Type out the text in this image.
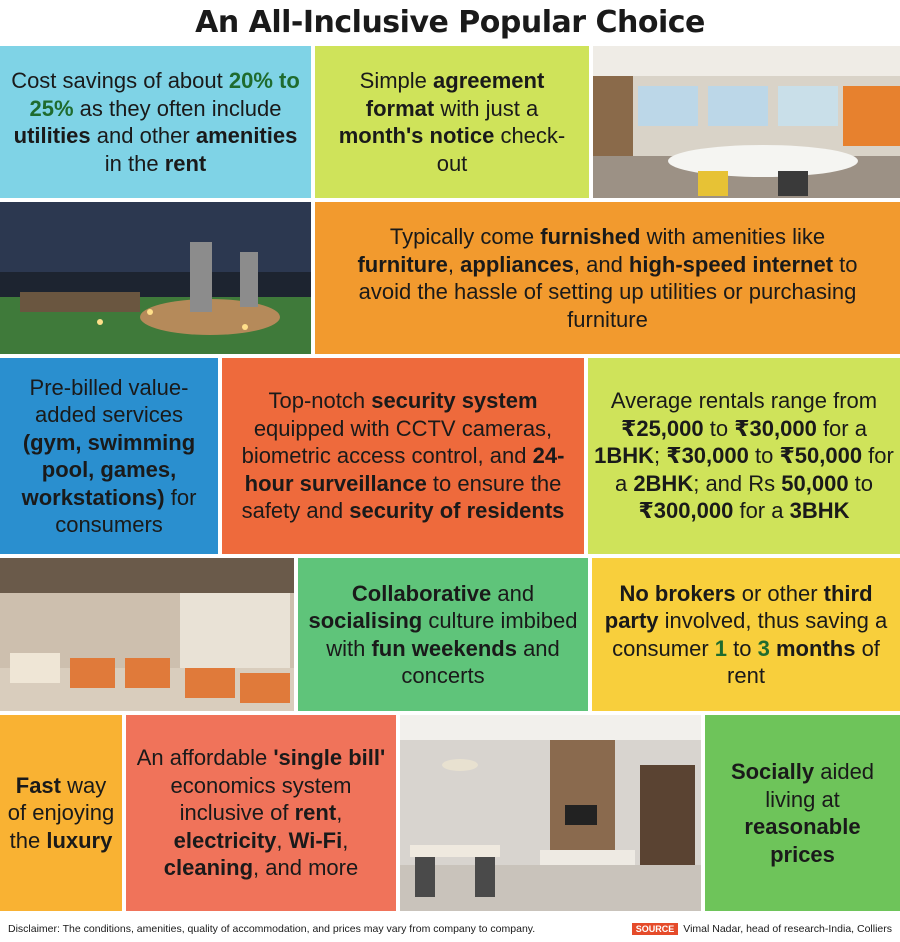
An All-Inclusive Popular Choice

Cost savings of about 20% to 25% as they often include utilities and other amenities in the rent

Simple agreement format with just a month's notice check-out

Typically come furnished with amenities like furniture, appliances, and high-speed internet to avoid the hassle of setting up utilities or purchasing furniture

Pre-billed value-added services (gym, swimming pool, games, workstations) for consumers

Top-notch security system equipped with CCTV cameras, biometric access control, and 24-hour surveillance to ensure the safety and security of residents

Average rentals range from ₹25,000 to ₹30,000 for a 1BHK; ₹30,000 to ₹50,000 for a 2BHK; and Rs 50,000 to ₹300,000 for a 3BHK

Collaborative and socialising culture imbibed with fun weekends and concerts

No brokers or other third party involved, thus saving a consumer 1 to 3 months of rent

Fast way of enjoying the luxury

An affordable 'single bill' economics system inclusive of rent, electricity, Wi-Fi, cleaning, and more

Socially aided living at reasonable prices

Disclaimer: The conditions, amenities, quality of accommodation, and prices may vary from company to company.	SOURCE Vimal Nadar, head of research-India, Colliers
